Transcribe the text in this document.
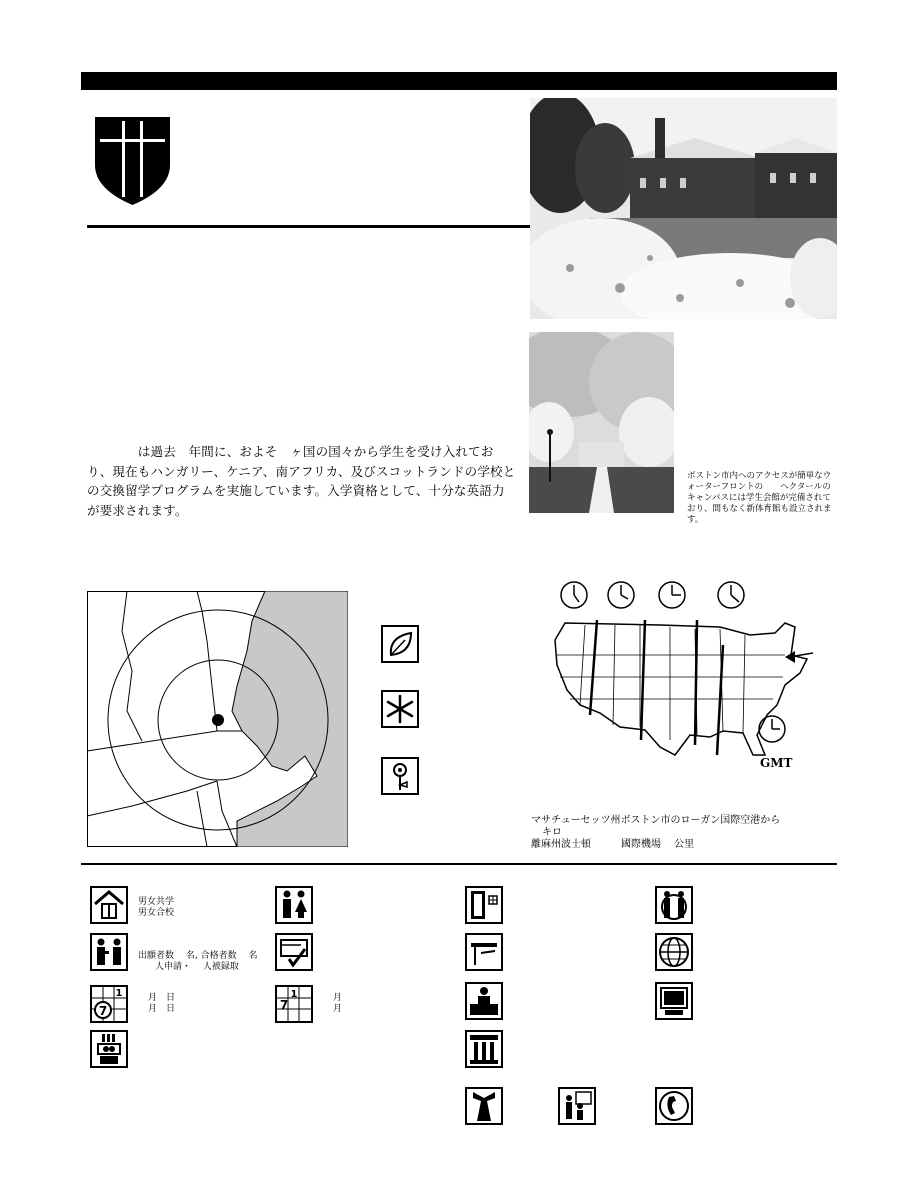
ボストン市内へのアクセスが簡単なウォーターフロントの　　ヘクタールのキャンパスには学生会館が完備されており、間もなく新体育館も設立されます。
　　　　は過去　年間に、およそ　ヶ国の国々から学生を受け入れており、現在もハンガリー、ケニア、南アフリカ、及びスコットランドの学校との交換留学プログラムを実施しています。入学資格として、十分な英語力が要求されます。
GMT
マサチューセッツ州ボストン市のローガン国際空港から
キロ
離麻州波士頓　　　國際機場　 公里
男女共学
男女合校
出願者数　 名, 合格者数　 名
人申請・　 人被録取
7
1	月　日
月　日	7
1	月
月
